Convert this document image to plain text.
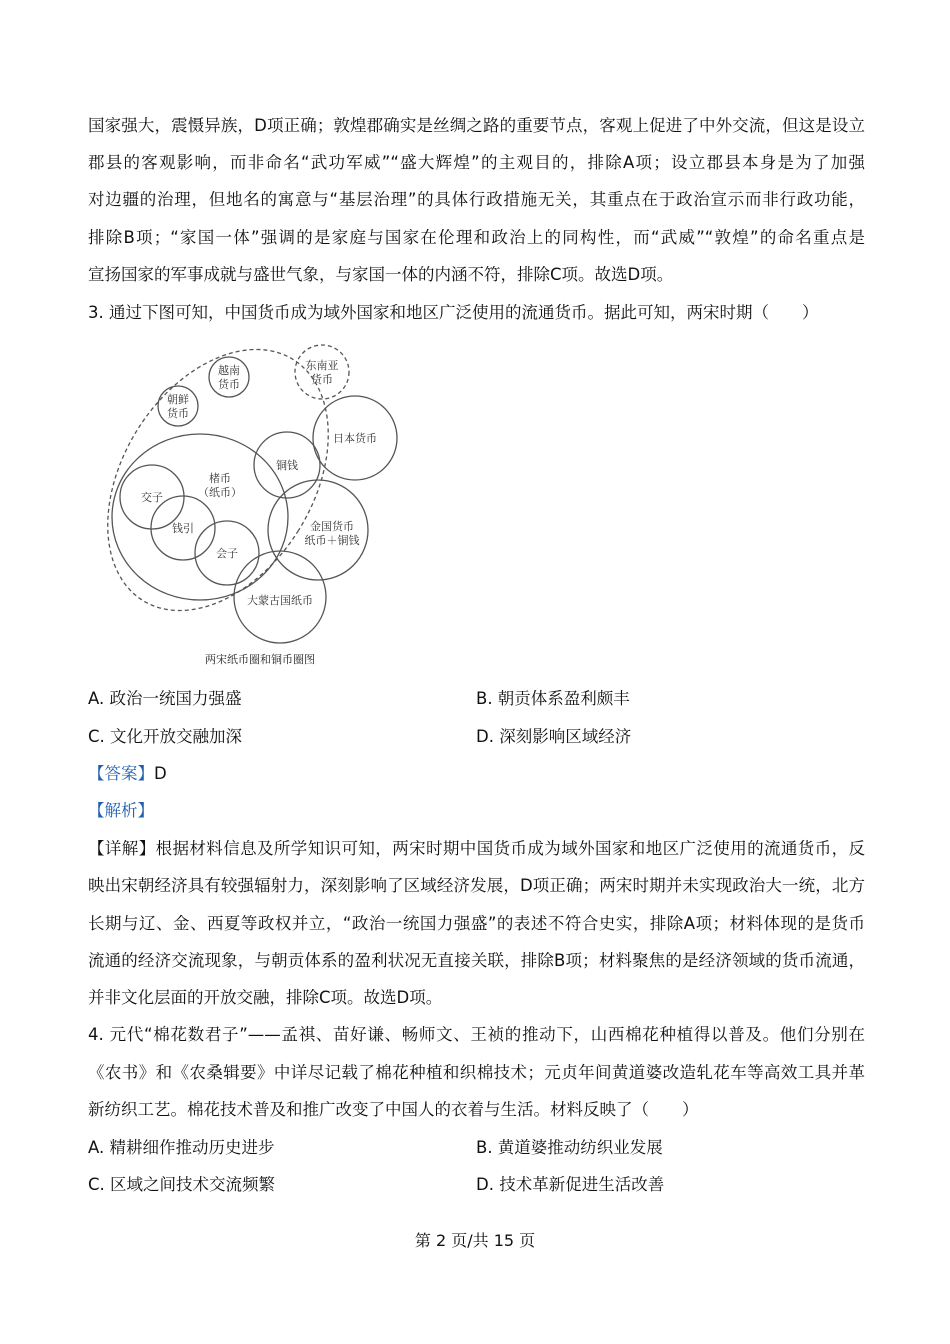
国家强大，震慑异族，D项正确；敦煌郡确实是丝绸之路的重要节点，客观上促进了中外交流，但这是设立
郡县的客观影响，而非命名“武功军威”“盛大辉煌”的主观目的，排除A项；设立郡县本身是为了加强
对边疆的治理，但地名的寓意与“基层治理”的具体行政措施无关，其重点在于政治宣示而非行政功能，
排除B项；“家国一体”强调的是家庭与国家在伦理和政治上的同构性，而“武威”“敦煌”的命名重点是
宣扬国家的军事成就与盛世气象，与家国一体的内涵不符，排除C项。故选D项。
3. 通过下图可知，中国货币成为域外国家和地区广泛使用的流通货币。据此可知，两宋时期（　　）
东南亚
货币
越南
货币
朝鲜
货币
日本货币
铜钱
楮币
（纸币）
交子
钱引
会子
金国货币
纸币＋铜钱
大蒙古国纸币
两宋纸币圈和铜币圈图
A. 政治一统国力强盛	B. 朝贡体系盈利颇丰
C. 文化开放交融加深	D. 深刻影响区域经济
【答案】D
【解析】
【详解】根据材料信息及所学知识可知，两宋时期中国货币成为域外国家和地区广泛使用的流通货币，反
映出宋朝经济具有较强辐射力，深刻影响了区域经济发展，D项正确；两宋时期并未实现政治大一统，北方
长期与辽、金、西夏等政权并立，“政治一统国力强盛”的表述不符合史实，排除A项；材料体现的是货币
流通的经济交流现象，与朝贡体系的盈利状况无直接关联，排除B项；材料聚焦的是经济领域的货币流通，
并非文化层面的开放交融，排除C项。故选D项。
4. 元代“棉花数君子”——孟祺、苗好谦、畅师文、王祯的推动下，山西棉花种植得以普及。他们分别在
《农书》和《农桑辑要》中详尽记载了棉花种植和织棉技术；元贞年间黄道婆改造轧花车等高效工具并革
新纺织工艺。棉花技术普及和推广改变了中国人的衣着与生活。材料反映了（　　）
A. 精耕细作推动历史进步	B. 黄道婆推动纺织业发展
C. 区域之间技术交流频繁	D. 技术革新促进生活改善
第 2 页/共 15 页
